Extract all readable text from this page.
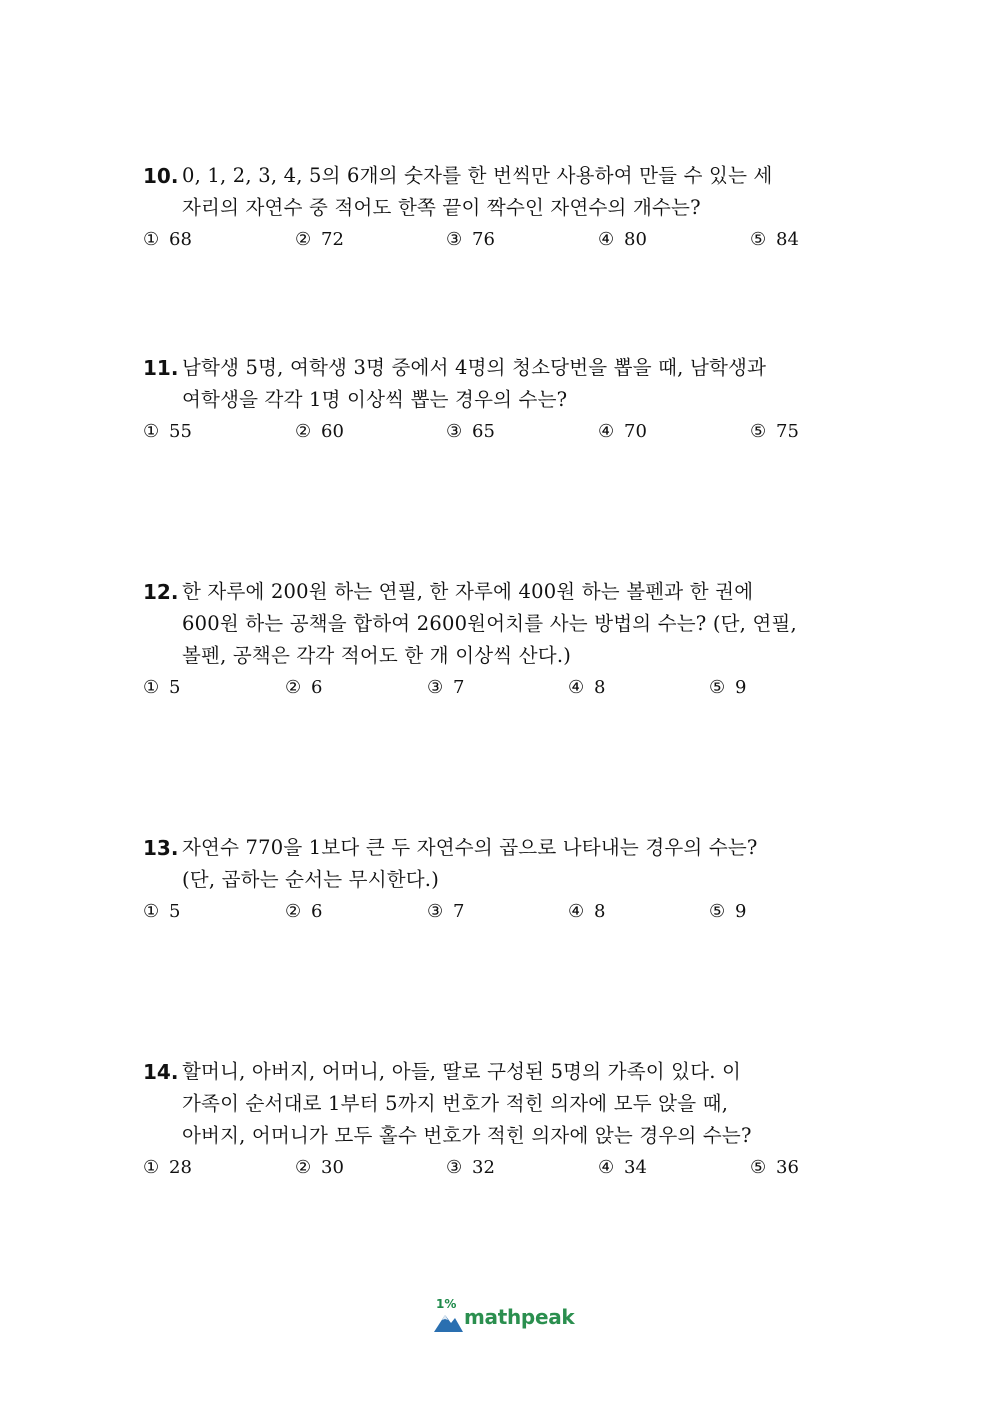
10. 0, 1, 2, 3, 4, 5의 6개의 숫자를 한 번씩만 사용하여 만들 수 있는 세
자리의 자연수 중 적어도 한쪽 끝이 짝수인 자연수의 개수는?
① 68	② 72	③ 76	④ 80	⑤ 84
11. 남학생 5명, 여학생 3명 중에서 4명의 청소당번을 뽑을 때, 남학생과
여학생을 각각 1명 이상씩 뽑는 경우의 수는?
① 55	② 60	③ 65	④ 70	⑤ 75
12. 한 자루에 200원 하는 연필, 한 자루에 400원 하는 볼펜과 한 권에
600원 하는 공책을 합하여 2600원어치를 사는 방법의 수는? (단, 연필,
볼펜, 공책은 각각 적어도 한 개 이상씩 산다.)
① 5	② 6	③ 7	④ 8	⑤ 9
13. 자연수 770을 1보다 큰 두 자연수의 곱으로 나타내는 경우의 수는?
(단, 곱하는 순서는 무시한다.)
① 5	② 6	③ 7	④ 8	⑤ 9
14. 할머니, 아버지, 어머니, 아들, 딸로 구성된 5명의 가족이 있다. 이
가족이 순서대로 1부터 5까지 번호가 적힌 의자에 모두 앉을 때,
아버지, 어머니가 모두 홀수 번호가 적힌 의자에 앉는 경우의 수는?
① 28	② 30	③ 32	④ 34	⑤ 36
1%
mathpeak
